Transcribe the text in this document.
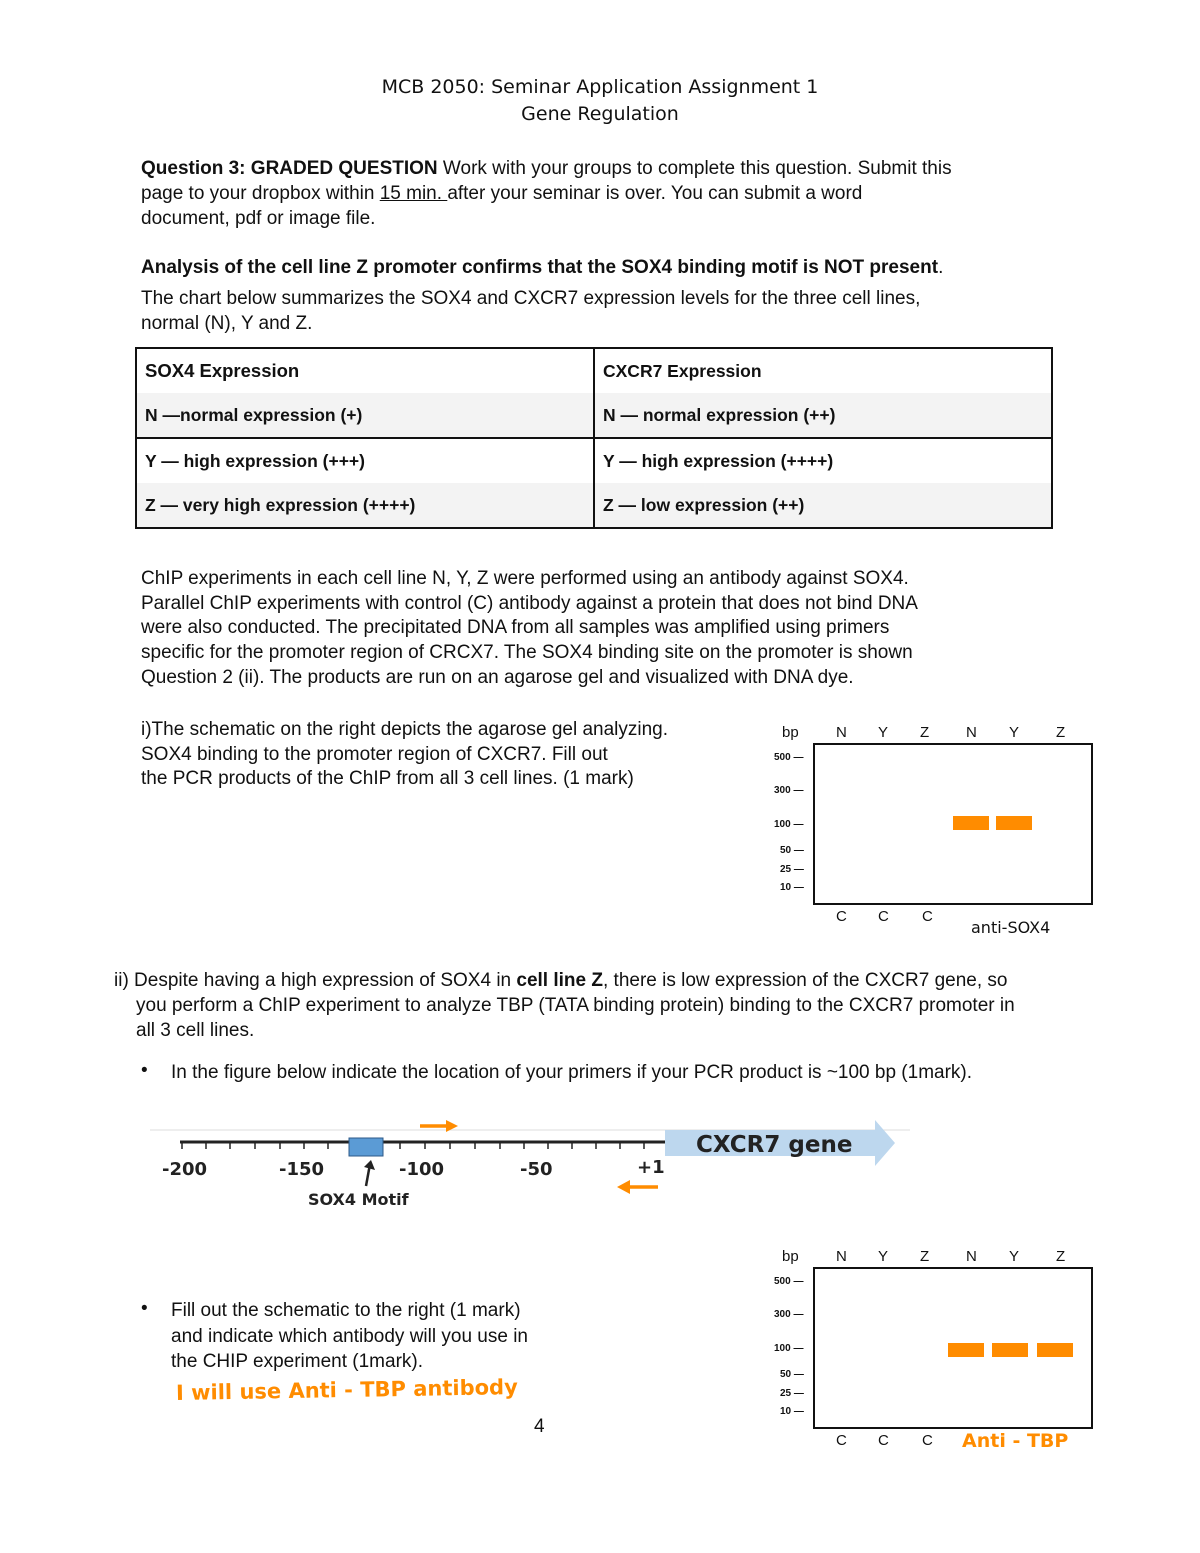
MCB 2050: Seminar Application Assignment 1
Gene Regulation
Question 3: GRADED QUESTION Work with your groups to complete this question. Submit this
page to your dropbox within 15 min. after your seminar is over. You can submit a word
document, pdf or image file.
Analysis of the cell line Z promoter confirms that the SOX4 binding motif is NOT present.
The chart below summarizes the SOX4 and CXCR7 expression levels for the three cell lines,
normal (N), Y and Z.
SOX4 Expression	CXCR7 Expression
N —normal expression (+)	N — normal expression (++)
Y — high expression (+++)	Y — high expression (++++)
Z — very high expression (++++)	Z — low expression (++)
ChIP experiments in each cell line N, Y, Z were performed using an antibody against SOX4.
Parallel ChIP experiments with control (C) antibody against a protein that does not bind DNA
were also conducted. The precipitated DNA from all samples was amplified using primers
specific for the promoter region of CRCX7. The SOX4 binding site on the promoter is shown
Question 2 (ii). The products are run on an agarose gel and visualized with DNA dye.
i)The schematic on the right depicts the agarose gel analyzing.
SOX4 binding to the promoter region of CXCR7. Fill out
the PCR products of the ChIP from all 3 cell lines. (1 mark)
bp N Y Z N Y Z
500 —
300 —
100 —
50 —
25 —
10 —
C C C
anti-SOX4
ii) Despite having a high expression of SOX4 in cell line Z, there is low expression of the CXCR7 gene, so
you perform a ChIP experiment to analyze TBP (TATA binding protein) binding to the CXCR7 promoter in
all 3 cell lines.
• In the figure below indicate the location of your primers if your PCR product is ~100 bp (1mark).
CXCR7 gene
-200	-150	-100	-50	+1
SOX4 Motif
• Fill out the schematic to the right (1 mark)
and indicate which antibody will you use in
the CHIP experiment (1mark).
I will use Anti - TBP antibody
bp N Y Z N Y Z
500 —
300 —
100 —
50 —
25 —
10 —
C C C Anti - TBP
4
